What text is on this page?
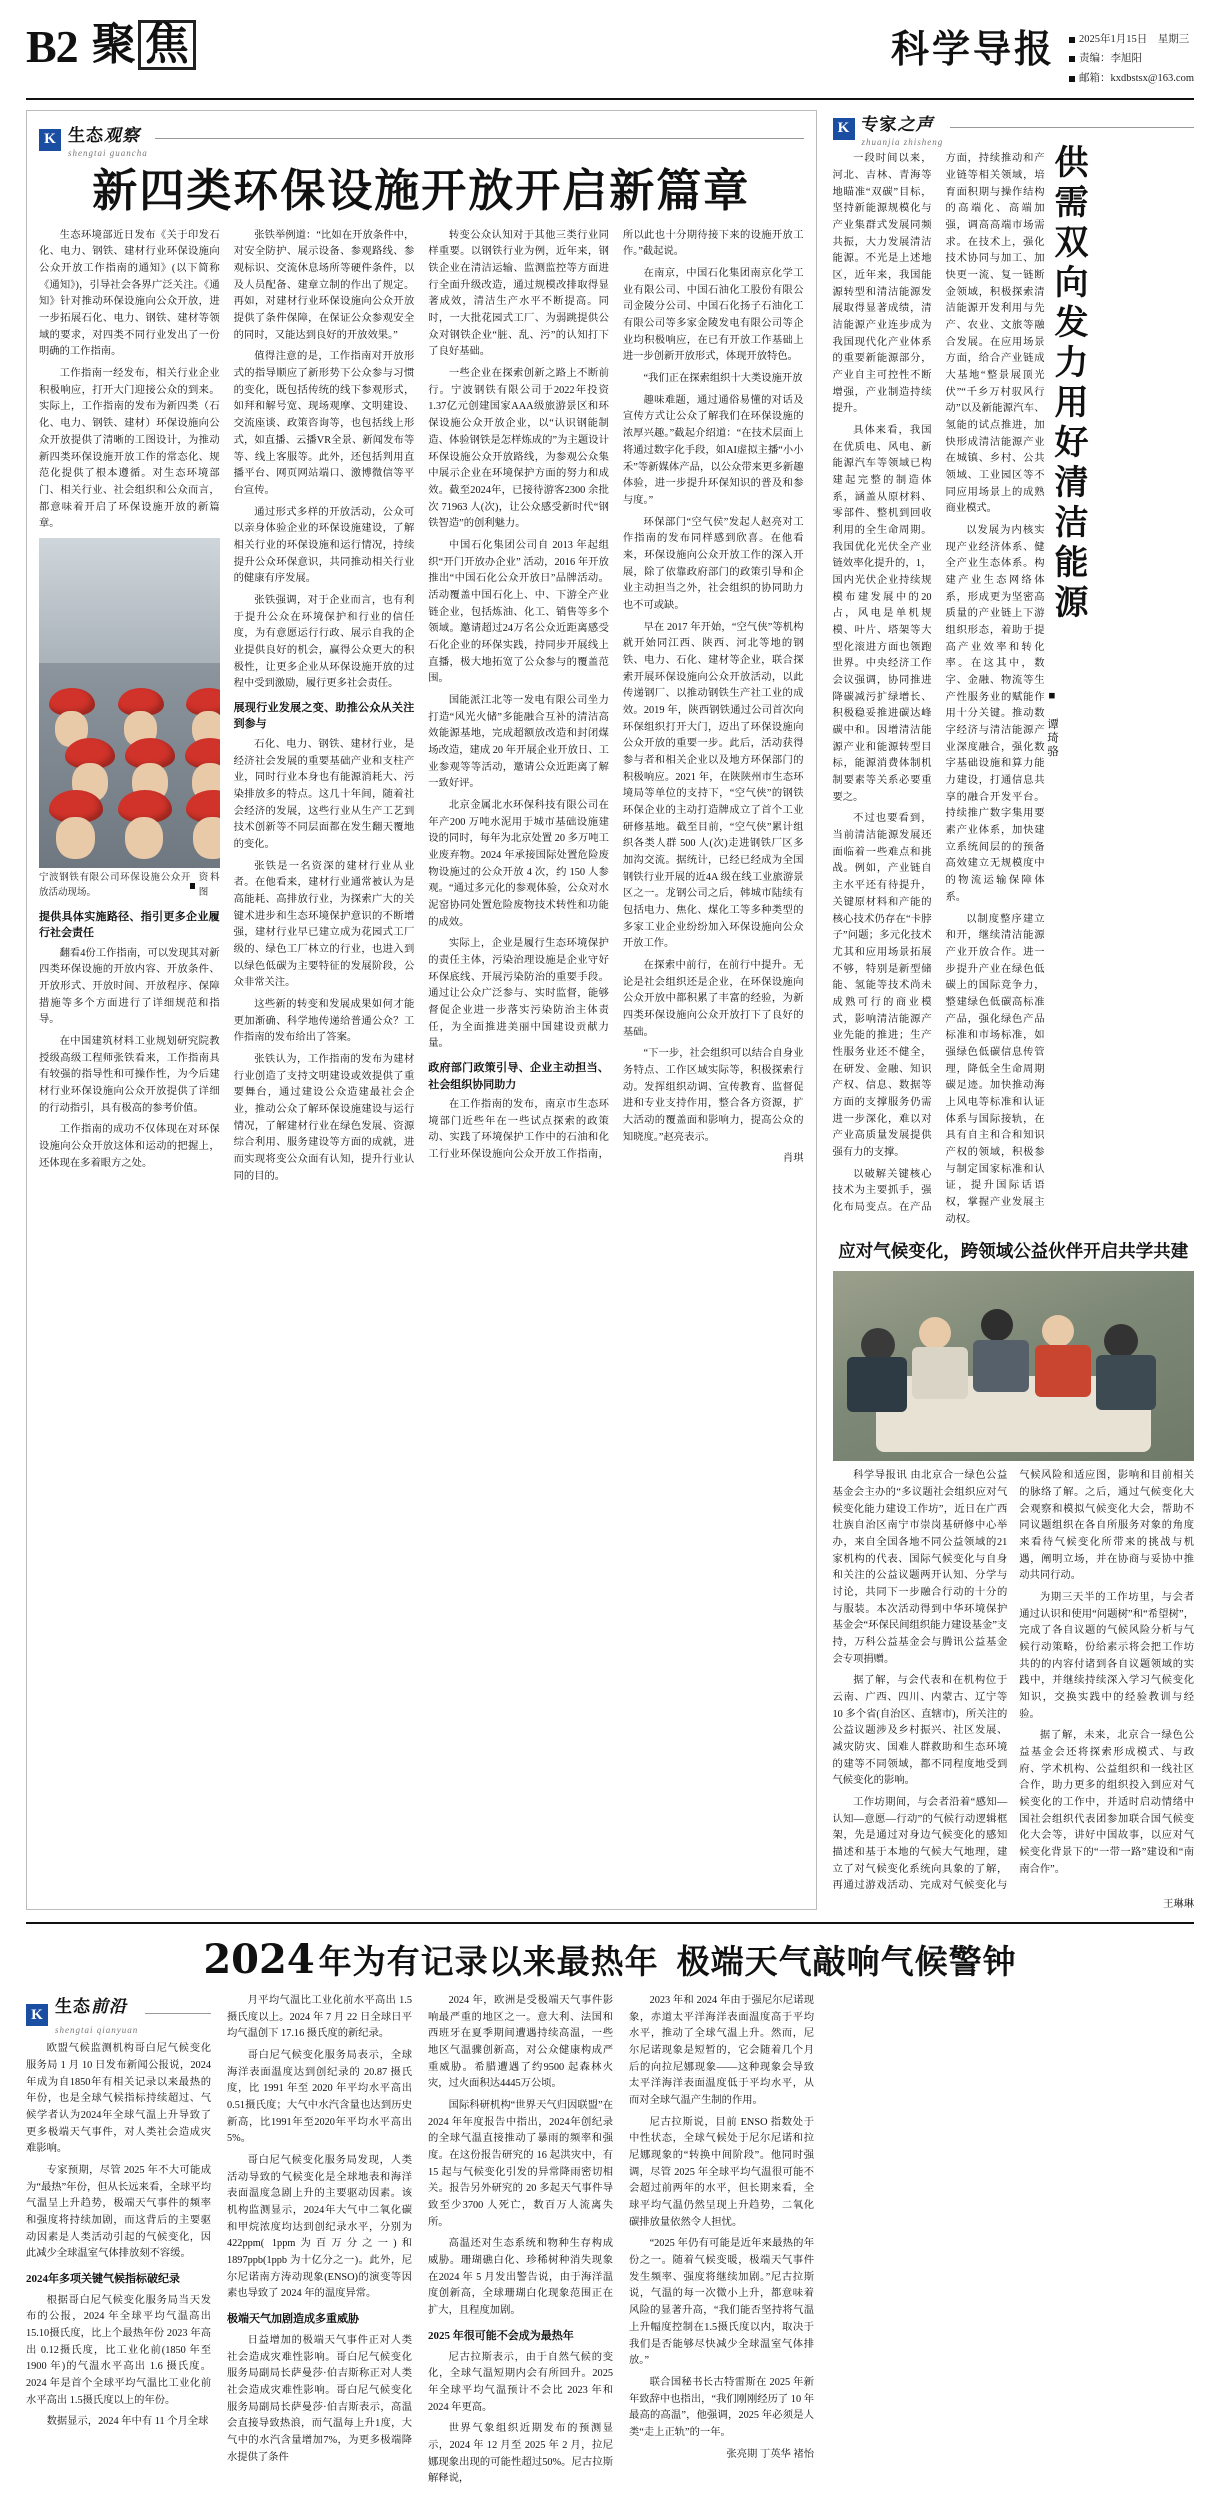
B2 聚 焦	科学导报 2025年1月15日　星期三
责编：李旭阳
邮箱：kxdbstsx@163.com
K 生态观察
shengtai guancha
新四类环保设施开放开启新篇章

生态环境部近日发布《关于印发石化、电力、钢铁、建材行业环保设施向公众开放工作指南的通知》(以下简称《通知》)，引导社会各界广泛关注。《通知》针对推动环保设施向公众开放，进一步拓展石化、电力、钢铁、建材等领域的要求，对四类不同行业发出了一份明确的工作指南。

工作指南一经发布，相关行业企业积极响应，打开大门迎接公众的到来。实际上，工作指南的发布为新四类（石化、电力、钢铁、建材）环保设施向公众开放提供了清晰的工图设计，为推动新四类环保设施开放工作的常态化、规范化提供了根本遵循。对生态环境部门、相关行业、社会组织和公众而言，都意味着开启了环保设施开放的新篇章。

宁波钢铁有限公司环保设施公众开放活动现场。
资料图

提供具体实施路径、指引更多企业履行社会责任

翻看4份工作指南，可以发现其对新四类环保设施的开放内容、开放条件、开放形式、开放时间、开放程序、保障措施等多个方面进行了详细规范和指导。

在中国建筑材料工业规划研究院教授级高级工程师张铁看来，工作指南具有较强的指导性和可操作性，为今后建材行业环保设施向公众开放提供了详细的行动指引，具有极高的参考价值。

工作指南的成功不仅体现在对环保设施向公众开放这体和运动的把握上，还体现在多着眼方之处。

张铁举例道：“比如在开放条件中，对安全防护、展示设备、参观路线、参观标识、交流休息场所等硬件条件，以及人员配备、建章立制的作出了规定。再如，对建材行业环保设施向公众开放提供了条件保障，在保证公众参观安全的同时，又能达到良好的开放效果。”

值得注意的是，工作指南对开放形式的指导顺应了新形势下公众参与习惯的变化，既包括传统的线下参观形式，如拜和解号宽、现场观摩、文明建设、交流座谈、政策咨询等，也包括线上形式，如直播、云播VR全景、新闻发布等等、线上客服等。此外，还包括判用直播平台、网页网站端口、激博微信等平台宣传。

通过形式多样的开放活动，公众可以亲身体验企业的环保设施建设，了解相关行业的环保设施和运行情况，持续提升公众环保意识，共同推动相关行业的健康有序发展。

张铁强调，对于企业而言，也有利于提升公众在环境保护和行业的信任度，为有意愿运行行政、展示自我的企业提供良好的机会，赢得公众更大的积极性，让更多企业从环保设施开放的过程中受到激励，履行更多社会责任。

展现行业发展之变、助推公众从关注到参与

石化、电力、钢铁、建材行业，是经济社会发展的重要基础产业和支柱产业，同时行业本身也有能源消耗大、污染排放多的特点。这几十年间，随着社会经济的发展，这些行业从生产工艺到技术创新等不同层面都在发生翻天覆地的变化。

张铁是一名资深的建材行业从业者。在他看来，建材行业通常被认为是高能耗、高排放行业，为探索广大的关键术进步和生态环境保护意识的不断增强，建材行业早已建立成为花园式工厂级的、绿色工厂林立的行业，也进入到以绿色低碳为主要特征的发展阶段，公众非常关注。

这些新的转变和发展成果如何才能更加渐确、科学地传递给普通公众？工作指南的发布给出了答案。

张铁认为，工作指南的发布为建材行业创造了支持文明建设或效提供了重要舞台，通过建设公众造建最社会企业，推动公众了解环保设施建设与运行情况，了解建材行业在绿色发展、资源综合利用、服务建设等方面的成就，进而实现将变公众面有认知，提升行业认同的目的。

转变公众认知对于其他三类行业同样重要。以钢铁行业为例，近年来，钢铁企业在清洁运输、监测监控等方面进行全面升级改造，通过规模改排取得显著成效，清洁生产水平不断提高。同时，一大批花园式工厂、为弱跳提供公众对钢铁企业“脏、乱、污”的认知打下了良好基础。

一些企业在探索创新之路上不断前行。宁波钢铁有限公司于2022年投资1.37亿元创建国家AAA级旅游景区和环保设施公众开放企业，以“认识钢能制造、体验钢铁是怎样炼成的”为主题设计环保设施公众开放路线，为参观公众集中展示企业在环境保护方面的努力和成效。截至2024年，已接待游客2300 余批次 71963 人(次)，让公众感受新时代“钢铁智造”的创利魅力。

中国石化集团公司自 2013 年起组织“开门开放办企业” 活动，2016 年开放推出“中国石化公众开放日”品牌活动。活动覆盖中国石化上、中、下游全产业链企业，包括炼油、化工、销售等多个领域。邀请超过24万名公众近距离感受石化企业的环保实践，持同步开展线上直播，极大地拓宽了公众参与的覆盖范围。

国能派江北等一发电有限公司坐力打造“风光火储”多能融合互补的清洁高效能源基地，完成超额放改造和封闭煤场改造，建成 20 年开展企业开放日、工业参观等等活动，邀请公众近距离了解一致好评。

北京金属北水环保科技有限公司在年产200 万吨水泥用于城市基础设施建设的同时，每年为北京处置 20 多万吨工业废弃物。2024 年承接国际处置危险废物设施过的公众开放 4 次，约 150 人参观。“通过多元化的参观体验，公众对水泥窑协同处置危险废物技术转性和功能的成效。

实际上，企业是履行生态环境保护的责任主体，污染治理设施是企业守好环保底线、开展污染防治的重要手段。通过让公众广泛参与、实时监督，能够督促企业进一步落实污染防治主体责任，为全面推进美丽中国建设贡献力量。

政府部门政策引导、企业主动担当、社会组织协同助力

在工作指南的发布，南京市生态环境部门近些年在一些试点探索的政策动、实践了环境保护工作中的石油和化工行业环保设施向公众开放工作指南，所以此也十分期待接下来的设施开放工作。”截起说。

在南京，中国石化集团南京化学工业有限公司、中国石油化工股份有限公司金陵分公司、中国石化扬子石油化工有限公司等多家金陵发电有限公司等企业均积极响应，在已有开放工作基础上进一步创新开放形式，体现开放特色。

“我们正在探索组织十大类设施开放

趣味难题，通过通俗易懂的对话及宣传方式让公众了解我们在环保设施的浓厚兴趣。”截起介绍道：“在技术层面上将通过数字化手段，如AI虚拟主播“小小禾”等新媒体产品，以公众带来更多新趣体验，进一步提升环保知识的普及和参与度。”

环保部门“空气侯”发起人赵亮对工作指南的发布同样感到欣喜。在他看来，环保设施向公众开放工作的深入开展，除了依靠政府部门的政策引导和企业主动担当之外，社会组织的协同助力也不可或缺。

早在 2017 年开始，“空气侠”等机构就开始同江西、陕西、河北等地的钢铁、电力、石化、建材等企业，联合探索开展环保设施向公众开放活动，以此传递钢厂、以推动钢铁生产社工业的成效。2019 年，陕西钢铁通过公司首次向环保组织打开大门，迈出了环保设施向公众开放的重要一步。此后，活动获得参与者和相关企业以及地方环保部门的积极响应。2021 年，在陕陕州市生态环境局等单位的支持下，“空气侠”的钢铁环保企业的主动打造牌成立了首个工业研修基地。截至目前，“空气侠”累计组织各类人群 500 人(次)走进钢铁厂区多加沟交流。据统计，已经已经成为全国钢铁行业开展的近4A 级在线工业旅游景区之一。龙钢公司之后，韩城市陆续有包括电力、焦化、煤化工等多种类型的多家工业企业纷纷加入环保设施向公众开放工作。

在探索中前行，在前行中提升。无论是社会组织还是企业，在环保设施向公众开放中都积累了丰富的经验，为新四类环保设施向公众开放打下了良好的基础。

“下一步，社会组织可以结合自身业务特点、工作区域实际等，积极探索行动。发挥组织动调、宣传教育、监督促进和专业支持作用，整合各方资源，扩大活动的覆盖面和影响力，提高公众的知晓度。”赵亮表示。

肖琪
K 专家之声
zhuanjia zhisheng
供需双向发力用好清洁能源
■ 谭琦骆

一段时间以来，河北、吉林、青海等地瞄准“双碳”目标，坚持新能源规模化与产业集群式发展同频共振，大力发展清洁能源。不光是上述地区，近年来，我国能源转型和清洁能源发展取得显著成绩，清洁能源产业连步成为我国现代化产业体系的重要新能源部分，产业自主可控性不断增强，产业制造持续提升。

具体来看，我国在优质电、风电、新能源汽车等领域已构建起完整的制造体系，涵盖从原材料、零部件、整机到回收利用的全生命周期。我国优化光伏全产业链效率化提升的，1，国内光伏企业持续规模布建发展中的20占，风电是单机规模、叶片、塔架等大型化滚进方面也领跑世界。中央经济工作会议强调，协同推进降碳减污扩绿增长、积极稳妥推进碳达峰碳中和。因增清洁能源产业和能源转型目标，能源消费体制机制要素等关系必要重要之。

不过也要看到，当前清洁能源发展还面临着一些难点和挑战。例如，产业链自主水平还有待提升，关键原材料和产能的核心技术仍存在“卡脖子”问题；多元化技术尤其和应用场景拓展不够，特别是新型储能、氢能等技术尚未成熟可行的商业模式，影响清洁能源产业先能的推进；生产性服务业还不健全，在研发、金融、知识产权、信息、数据等方面的支撑服务仍需进一步深化，难以对产业高质量发展提供强有力的支撑。

以破解关键核心技术为主要抓手，强化布局变点。在产品方面，持续推动和产业链等相关领域，培育面积期与操作结构的高端化、高端加强，调高高端市场需求。在技术上，强化技术协同与加工、加快更一流、复一链断金领域，积极探索清洁能源开发利用与先产、农业、文旅等融合发展。在应用场景方面，给合产业链成大基地“整景展顶光伏”“千乡万村驭风行动”以及新能源汽车、氢能的试点推进，加快形成清洁能源产业在城镇、乡村、公共领域、工业园区等不同应用场景上的成熟商业模式。

以发展为内核实现产业经济体系、健全产业生态体系。构建产业生态网络体系，形成更为坚密高质量的产业链上下游组织形态，着助于提高产业效率和转化率。在这其中，数字、金融、物流等生产性服务业的赋能作用十分关键。推动数字经济与清洁能源产业深度融合，强化数字基础设施和算力能力建设，打通信息共享的融合开发平台。持续推广数字集用要素产业体系，加快建立系统间层的的预备高效建立无规模度中的物流运输保障体系。

以制度整序建立和开，继续清洁能源产业开放合作。进一步提升产业在绿色低碳上的国际竞争力，整建绿色低碳高标准产品，强化绿色产品标准和市场标准，如强绿色低碳信息传管理，降低全生命周期碳足迹。加快推动海上风电等标准和认证体系与国际接轨，在具有自主和合和知识产权的领域，积极参与制定国家标准和认证，提升国际话语权，掌握产业发展主动权。

应对气候变化，跨领域公益伙伴开启共学共建

科学导报讯 由北京合一绿色公益基金会主办的“多议题社会组织应对气候变化能力建设工作坊”，近日在广西壮族自治区南宁市崇岗基研修中心举办，来自全国各地不同公益领域的21家机构的代表、国际气候变化与自身和关注的公益议题两开认知、分学与讨论，共同下一步融合行动的十分的与服装。本次活动得到中华环境保护基金会“环保民间组织能力建设基金”支持，万科公益基金会与腾讯公益基金会专项捐赠。

据了解，与会代表和在机构位于云南、广西、四川、内蒙古、辽宁等 10 多个省(自治区、直辖市)，所关注的公益议题涉及乡村振兴、社区发展、减灾防灾、国难人群救助和生态环境的建等不同领域，都不同程度地受到气候变化的影响。

工作坊期间，与会者沿着“感知—认知—意愿—行动”的气候行动逻辑框架，先是通过对身边气候变化的感知描述和基于本地的气候大气地理，建立了对气候变化系统向具象的了解，再通过游戏活动、完成对气候变化与气候风险和适应图，影响和目前相关的脉络了解。之后，通过气候变化大会观察和模拟气候变化大会，帮助不同议题组织在各自所服务对象的角度来看待气候变化所带来的挑战与机遇，阐明立场，并在协商与妥协中推动共同行动。

为期三天半的工作坊里，与会者通过认识和使用“问题树”和“希望树”，完成了各自议题的气候风险分析与气候行动策略，份给素示将会把工作坊共的的内容付诸到各自议题领域的实践中，并继续持续深入学习气候变化知识，交换实践中的经验教训与经验。

据了解，未来，北京合一绿色公益基金会还将探索形成模式、与政府、学术机构、公益组织和一线社区合作，助力更多的组织投入到应对气候变化的工作中，并适时启动情绪中国社会组织代表团参加联合国气候变化大会等，讲好中国故事，以应对气候变化背景下的“一带一路”建设和“南南合作”。

王琳琳
2024 年为有记录以来最热年 极端天气敲响气候警钟
K 生态前沿
shengtai qianyuan

欧盟气候监测机构哥白尼气候变化服务局 1 月 10 日发布新闻公报说，2024 年成为自1850年有相关记录以来最热的年份，也是全球气候指标持续超过、气候学者认为2024年全球气温上升导致了更多极端天气事件，对人类社会造成灾难影响。

专家预期，尽管 2025 年不大可能成为“最热”年份，但从长远来看，全球平均气温呈上升趋势，极端天气事件的频率和强度将持续加剧，而这背后的主要驱动因素是人类活动引起的气候变化，因此减少全球温室气体排放刻不容缓。

2024年多项关键气候指标破纪录

根据哥白尼气候变化服务局当天发布的公报，2024 年全球平均气温高出 15.10摄氏度，比上个最热年份 2023 年高出 0.12摄氏度，比工业化前(1850 年至 1900 年)的气温水平高出 1.6 摄氏度。2024 年是首个全球平均气温比工业化前水平高出 1.5摄氏度以上的年份。

数据显示，2024 年中有 11 个月全球

月平均气温比工业化前水平高出 1.5 摄氏度以上。2024 年 7 月 22 日全球日平均气温创下 17.16 摄氏度的新纪录。

哥白尼气候变化服务局表示，全球海洋表面温度达到创纪录的 20.87 摄氏度，比 1991 年至 2020 年平均水平高出0.51摄氏度；大气中水汽含量也达到历史新高，比1991年至2020年平均水平高出5%。

哥白尼气候变化服务局发现，人类活动导致的气候变化是全球地表和海洋表面温度急剧上升的主要驱动因素。该机构监测显示，2024年大气中二氧化碳和甲烷浓度均达到创纪录水平，分别为 422ppm( 1ppm为百万分之一)和 1897ppb(1ppb 为十亿分之一)。此外，尼尔尼诺南方涛动现象(ENSO)的演变等因素也导致了 2024 年的温度异常。

极端天气加剧造成多重威胁

日益增加的极端天气事件正对人类社会造成灾难性影响。哥白尼气候变化服务局副局长萨曼莎·伯吉斯称正对人类社会造成灾难性影响。哥白尼气候变化服务局副局长萨曼莎·伯吉斯表示，高温会直接导致热浪，而气温每上升1度，大气中的水汽含量增加7%，为更多极端降水提供了条件

2024 年，欧洲是受极端天气事件影响最严重的地区之一。意大利、法国和西班牙在夏季期间遭遇持续高温，一些地区气温骤创新高，对公众健康构成严重威胁。希腊遭遇了约9500 起森林火灾，过火面积达4445万公顷。

国际科研机构“世界天气归因联盟”在2024 年年度报告中指出，2024年创纪录的全球气温直接推动了暴雨的频率和强度。在这份报告研究的 16 起洪灾中，有 15 起与气候变化引发的异常降雨密切相关。报告另外研究的 20 多起天气事件导致至少3700 人死亡，数百万人流离失所。

高温还对生态系统和物种生存构成威胁。珊瑚礁白化、珍稀树种消失现象在2024 年 5 月发出警告说，由于海洋温度创新高，全球珊瑚白化现象范围正在扩大，且程度加剧。

2025 年很可能不会成为最热年

尼古拉斯表示，由于自然气候的变化，全球气温短期内会有所回升。2025 年全球平均气温预计不会比 2023 年和 2024 年更高。

世界气象组织近期发布的预测显示，2024 年 12 月至 2025 年 2 月，拉尼娜现象出现的可能性超过50%。尼古拉斯解释说，

2023 年和 2024 年由于强尼尔尼诺现象，赤道太平洋海洋表面温度高于平均水平，推动了全球气温上升。然而，尼尔尼诺现象是短暂的，它会随着几个月后的向拉尼娜现象——这种现象会导致太平洋海洋表面温度低于平均水平，从而对全球气温产生制的作用。

尼古拉斯说，目前 ENSO 指数处于中性状态，全球气候处于尼尔尼诺和拉尼娜现象的“转换中间阶段”。他同时强调，尽管 2025 年全球平均气温很可能不会超过前两年的水平，但长期来看，全球平均气温仍然呈现上升趋势，二氧化碳排放量依然令人担忧。

“2025 年仍有可能是近年来最热的年份之一。随着气候变暖，极端天气事件发生频率、强度将继续加剧。”尼古拉斯说，气温的每一次微小上升，都意味着风险的显著升高，“我们能否坚持将气温上升幅度控制在1.5摄氏度以内，取决于我们是否能够尽快减少全球温室气体排放。”

联合国秘书长古特雷斯在 2025 年新年致辞中也指出，“我们刚刚经历了 10 年最高的高温”，他强调，2025 年必须是人类“走上正轨”的一年。

张亮期 丁英华 褚怡
